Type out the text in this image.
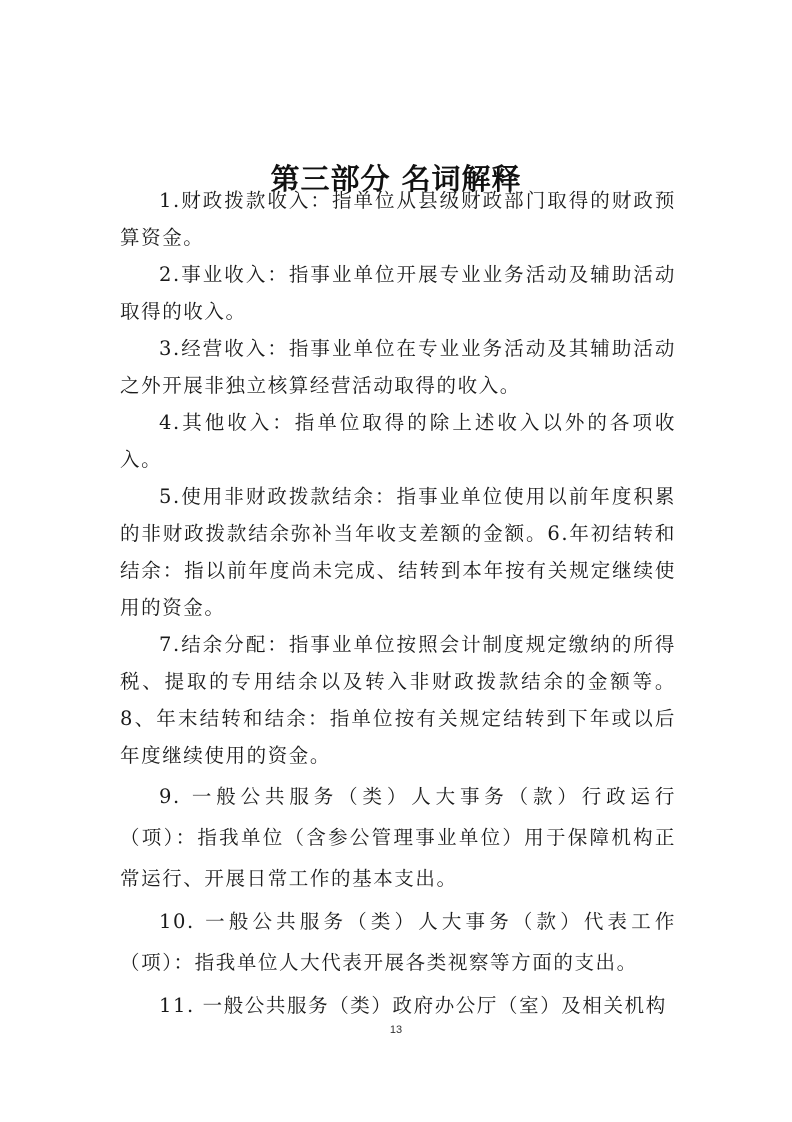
第三部分 名词解释

1.财政拨款收入：指单位从县级财政部门取得的财政预算资金。

2.事业收入：指事业单位开展专业业务活动及辅助活动取得的收入。

3.经营收入：指事业单位在专业业务活动及其辅助活动之外开展非独立核算经营活动取得的收入。

4.其他收入：指单位取得的除上述收入以外的各项收入。

5.使用非财政拨款结余：指事业单位使用以前年度积累的非财政拨款结余弥补当年收支差额的金额。6.年初结转和结余：指以前年度尚未完成、结转到本年按有关规定继续使用的资金。

7.结余分配：指事业单位按照会计制度规定缴纳的所得税、提取的专用结余以及转入非财政拨款结余的金额等。8、年末结转和结余：指单位按有关规定结转到下年或以后年度继续使用的资金。

9. 一般公共服务（类）人大事务（款）行政运行（项）：指我单位（含参公管理事业单位）用于保障机构正常运行、开展日常工作的基本支出。

10. 一般公共服务（类）人大事务（款）代表工作（项）：指我单位人大代表开展各类视察等方面的支出。

11. 一般公共服务（类）政府办公厅（室）及相关机构

13
